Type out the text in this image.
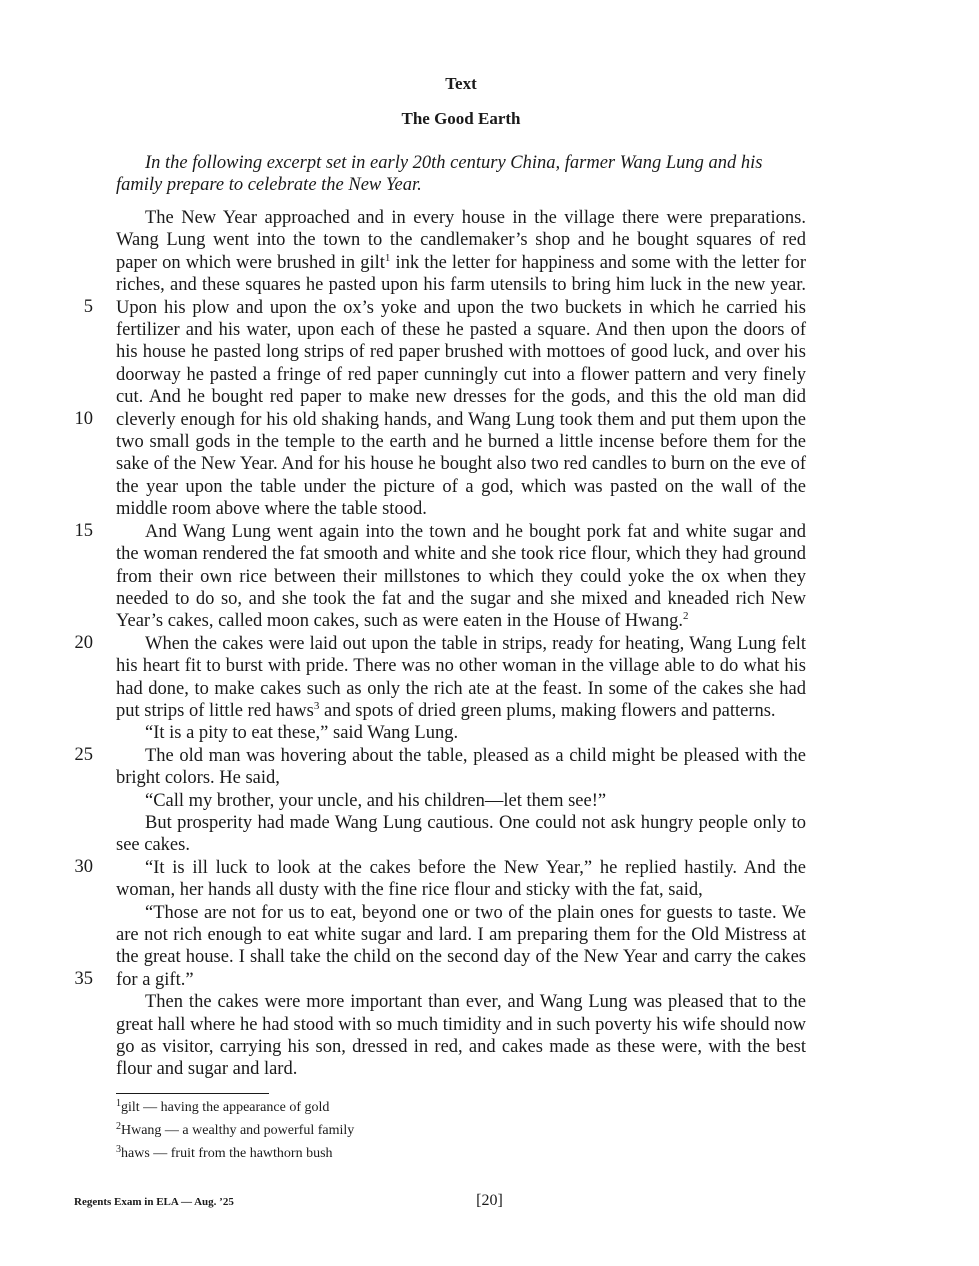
Text
The Good Earth

In the following excerpt set in early 20th century China, farmer Wang Lung and his family prepare to celebrate the New Year.

5
10
15
20
25
30
35

The New Year approached and in every house in the village there were preparations. Wang Lung went into the town to the candlemaker’s shop and he bought squares of red paper on which were brushed in gilt$^1$ ink the letter for happiness and some with the letter for riches, and these squares he pasted upon his farm utensils to bring him luck in the new year. Upon his plow and upon the ox’s yoke and upon the two buckets in which he carried his fertilizer and his water, upon each of these he pasted a square. And then upon the doors of his house he pasted long strips of red paper brushed with mottoes of good luck, and over his doorway he pasted a fringe of red paper cunningly cut into a flower pattern and very finely cut. And he bought red paper to make new dresses for the gods, and this the old man did cleverly enough for his old shaking hands, and Wang Lung took them and put them upon the two small gods in the temple to the earth and he burned a little incense before them for the sake of the New Year. And for his house he bought also two red candles to burn on the eve of the year upon the table under the picture of a god, which was pasted on the wall of the middle room above where the table stood.

And Wang Lung went again into the town and he bought pork fat and white sugar and the woman rendered the fat smooth and white and she took rice flour, which they had ground from their own rice between their millstones to which they could yoke the ox when they needed to do so, and she took the fat and the sugar and she mixed and kneaded rich New Year’s cakes, called moon cakes, such as were eaten in the House of Hwang.$^2$

When the cakes were laid out upon the table in strips, ready for heating, Wang Lung felt his heart fit to burst with pride. There was no other woman in the village able to do what his had done, to make cakes such as only the rich ate at the feast. In some of the cakes she had put strips of little red haws$^3$ and spots of dried green plums, making flowers and patterns.

“It is a pity to eat these,” said Wang Lung.

The old man was hovering about the table, pleased as a child might be pleased with the bright colors. He said,

“Call my brother, your uncle, and his children—let them see!”

But prosperity had made Wang Lung cautious. One could not ask hungry people only to see cakes.

“It is ill luck to look at the cakes before the New Year,” he replied hastily. And the woman, her hands all dusty with the fine rice flour and sticky with the fat, said,

“Those are not for us to eat, beyond one or two of the plain ones for guests to taste. We are not rich enough to eat white sugar and lard. I am preparing them for the Old Mistress at the great house. I shall take the child on the second day of the New Year and carry the cakes for a gift.”

Then the cakes were more important than ever, and Wang Lung was pleased that to the great hall where he had stood with so much timidity and in such poverty his wife should now go as visitor, carrying his son, dressed in red, and cakes made as these were, with the best flour and sugar and lard.

$^1$gilt — having the appearance of gold
$^2$Hwang — a wealthy and powerful family
$^3$haws — fruit from the hawthorn bush
Regents Exam in ELA — Aug. ’25	[20]
